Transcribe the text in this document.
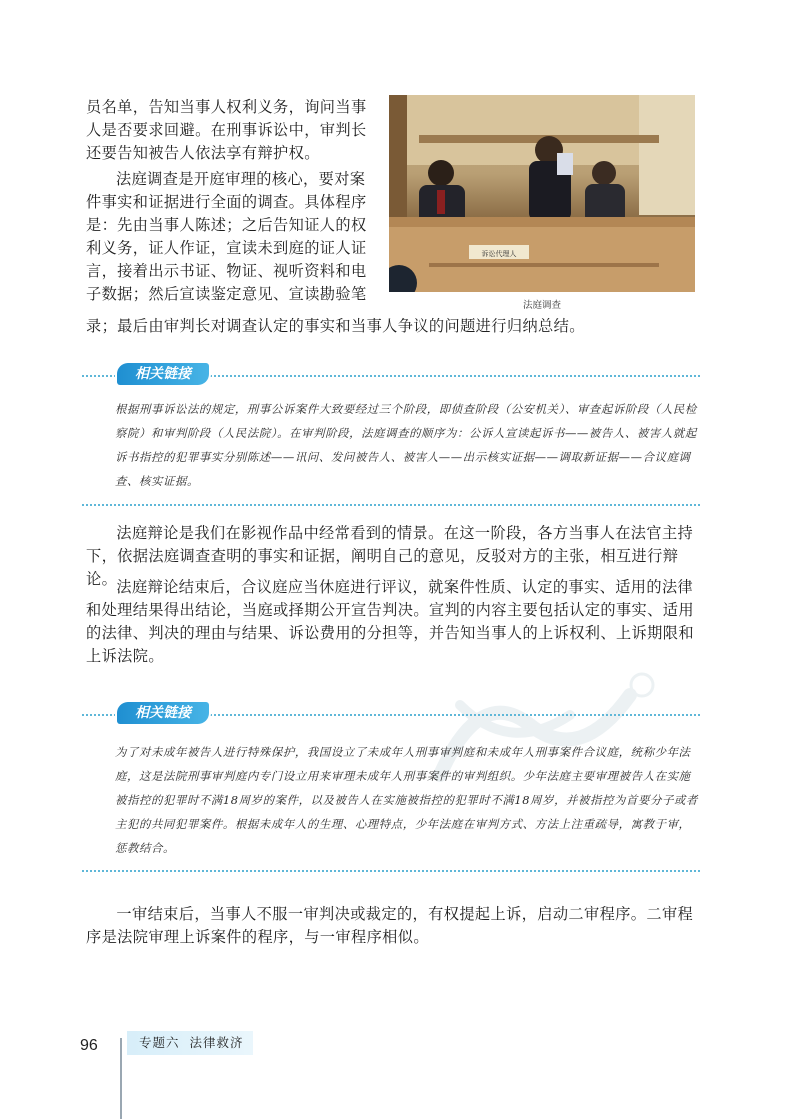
员名单，告知当事人权利义务，询问当事
人是否要求回避。在刑事诉讼中，审判长
还要告知被告人依法享有辩护权。

法庭调查是开庭审理的核心，要对案
件事实和证据进行全面的调查。具体程序
是：先由当事人陈述；之后告知证人的权
利义务，证人作证，宣读未到庭的证人证
言，接着出示书证、物证、视听资料和电
子数据；然后宣读鉴定意见、宣读勘验笔

录；最后由审判长对调查认定的事实和当事人争议的问题进行归纳总结。
诉讼代理人
法庭调查
相关链接
根据刑事诉讼法的规定，刑事公诉案件大致要经过三个阶段，即侦查阶段（公安机关）、审查起诉阶段（人民检察院）和审判阶段（人民法院）。在审判阶段，法庭调查的顺序为：公诉人宣读起诉书——被告人、被害人就起诉书指控的犯罪事实分别陈述——讯问、发问被告人、被害人——出示核实证据——调取新证据——合议庭调查、核实证据。

法庭辩论是我们在影视作品中经常看到的情景。在这一阶段，各方当事人在法官主持下，依据法庭调查查明的事实和证据，阐明自己的意见，反驳对方的主张，相互进行辩论。 法庭辩论结束后，合议庭应当休庭进行评议，就案件性质、认定的事实、适用的法律和处理结果得出结论，当庭或择期公开宣告判决。宣判的内容主要包括认定的事实、适用的法律、判决的理由与结果、诉讼费用的分担等，并告知当事人的上诉权利、上诉期限和上诉法院。

相关链接
为了对未成年被告人进行特殊保护，我国设立了未成年人刑事审判庭和未成年人刑事案件合议庭，统称少年法庭，这是法院刑事审判庭内专门设立用来审理未成年人刑事案件的审判组织。少年法庭主要审理被告人在实施被指控的犯罪时不满18周岁的案件，以及被告人在实施被指控的犯罪时不满18周岁，并被指控为首要分子或者主犯的共同犯罪案件。根据未成年人的生理、心理特点，少年法庭在审判方式、方法上注重疏导，寓教于审，惩教结合。

一审结束后，当事人不服一审判决或裁定的，有权提起上诉，启动二审程序。二审程序是法院审理上诉案件的程序，与一审程序相似。

96	专题六 法律救济
